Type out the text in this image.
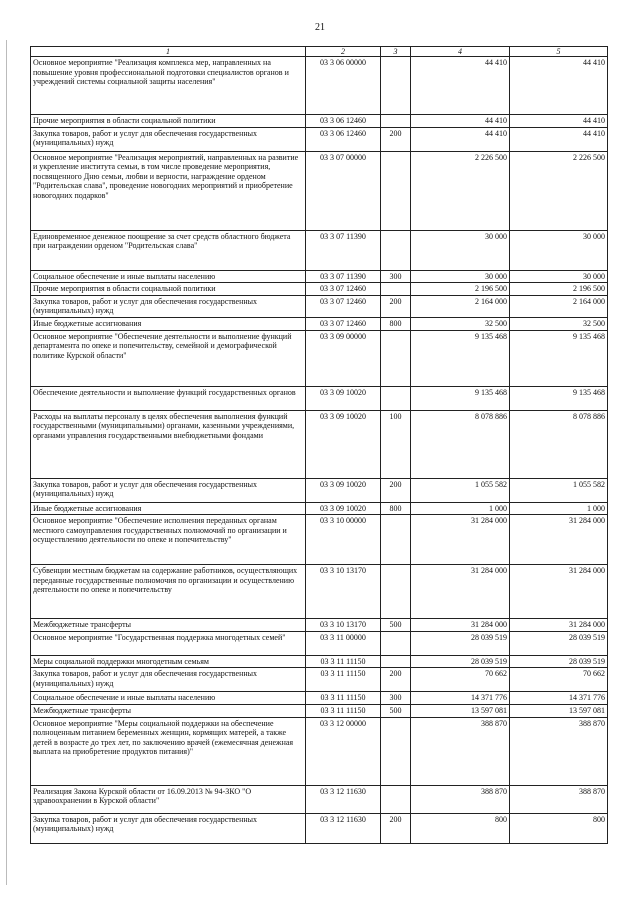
21
1	2	3	4	5
Основное мероприятие "Реализация комплекса мер, направленных на повышение уровня профессиональной подготовки специалистов органов и учреждений системы социальной защиты населения"	03 3 06 00000		44 410	44 410
Прочие мероприятия в области социальной политики	03 3 06 12460		44 410	44 410
Закупка товаров, работ и услуг для обеспечения государственных (муниципальных) нужд	03 3 06 12460	200	44 410	44 410
Основное мероприятие "Реализация мероприятий, направленных на развитие и укрепление института семьи, в том числе проведение мероприятия, посвященного Дню семьи, любви и верности, награждение орденом "Родительская слава", проведение новогодних мероприятий и приобретение новогодних подарков"	03 3 07 00000		2 226 500	2 226 500
Единовременное денежное поощрение за счет средств областного бюджета при награждении орденом "Родительская слава"	03 3 07 11390		30 000	30 000
Социальное обеспечение и иные выплаты населению	03 3 07 11390	300	30 000	30 000
Прочие мероприятия в области социальной политики	03 3 07 12460		2 196 500	2 196 500
Закупка товаров, работ и услуг для обеспечения государственных (муниципальных) нужд	03 3 07 12460	200	2 164 000	2 164 000
Иные бюджетные ассигнования	03 3 07 12460	800	32 500	32 500
Основное мероприятие "Обеспечение деятельности и выполнение функций департамента по опеке и попечительству, семейной и демографической политике Курской области"	03 3 09 00000		9 135 468	9 135 468
Обеспечение деятельности и выполнение функций государственных органов	03 3 09 10020		9 135 468	9 135 468
Расходы на выплаты персоналу в целях обеспечения выполнения функций государственными (муниципальными) органами, казенными учреждениями, органами управления государственными внебюджетными фондами	03 3 09 10020	100	8 078 886	8 078 886
Закупка товаров, работ и услуг для обеспечения государственных (муниципальных) нужд	03 3 09 10020	200	1 055 582	1 055 582
Иные бюджетные ассигнования	03 3 09 10020	800	1 000	1 000
Основное мероприятие "Обеспечение исполнения переданных органам местного самоуправления государственных полномочий по организации и осуществлению деятельности по опеке и попечительству"	03 3 10 00000		31 284 000	31 284 000
Субвенции местным бюджетам на содержание работников, осуществляющих переданные государственные полномочия по организации и осуществлению деятельности по опеке и попечительству	03 3 10 13170		31 284 000	31 284 000
Межбюджетные трансферты	03 3 10 13170	500	31 284 000	31 284 000
Основное мероприятие "Государственная поддержка многодетных семей"	03 3 11 00000		28 039 519	28 039 519
Меры социальной поддержки многодетным семьям	03 3 11 11150		28 039 519	28 039 519
Закупка товаров, работ и услуг для обеспечения государственных (муниципальных) нужд	03 3 11 11150	200	70 662	70 662
Социальное обеспечение и иные выплаты населению	03 3 11 11150	300	14 371 776	14 371 776
Межбюджетные трансферты	03 3 11 11150	500	13 597 081	13 597 081
Основное мероприятие "Меры социальной поддержки на обеспечение полноценным питанием беременных женщин, кормящих матерей, а также детей в возрасте до трех лет, по заключению врачей (ежемесячная денежная выплата на приобретение продуктов питания)"	03 3 12 00000		388 870	388 870
Реализация Закона Курской области от 16.09.2013 № 94-ЗКО "О здравоохранении в Курской области"	03 3 12 11630		388 870	388 870
Закупка товаров, работ и услуг для обеспечения государственных (муниципальных) нужд	03 3 12 11630	200	800	800
